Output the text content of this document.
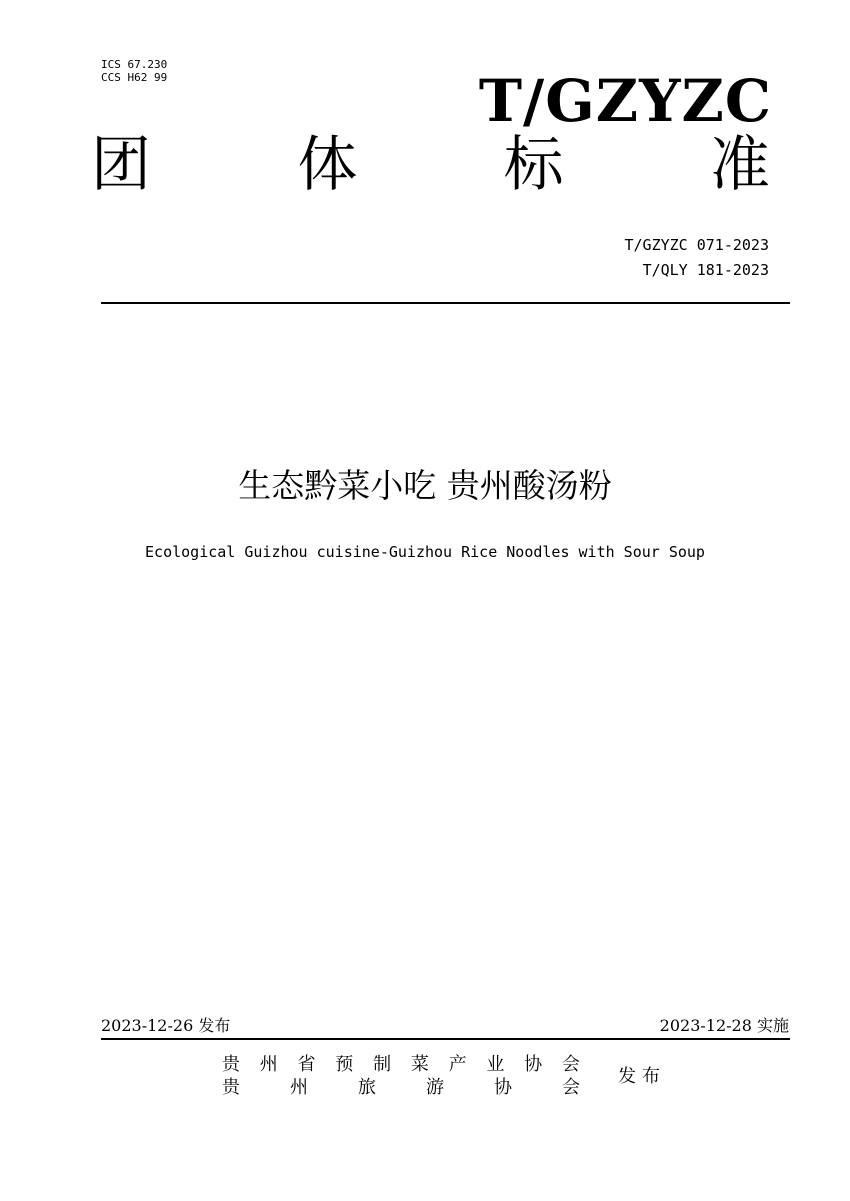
ICS 67.230
CCS H62 99	T/GZYZC
团 体 标 准
T/GZYZC 071-2023
T/QLY 181-2023
生态黔菜小吃 贵州酸汤粉
Ecological Guizhou cuisine-Guizhou Rice Noodles with Sour Soup
2023-12-26 发布	2023-12-28 实施
贵 州 省 预 制 菜 产 业 协 会
贵	州	旅	游	协	会
发布
